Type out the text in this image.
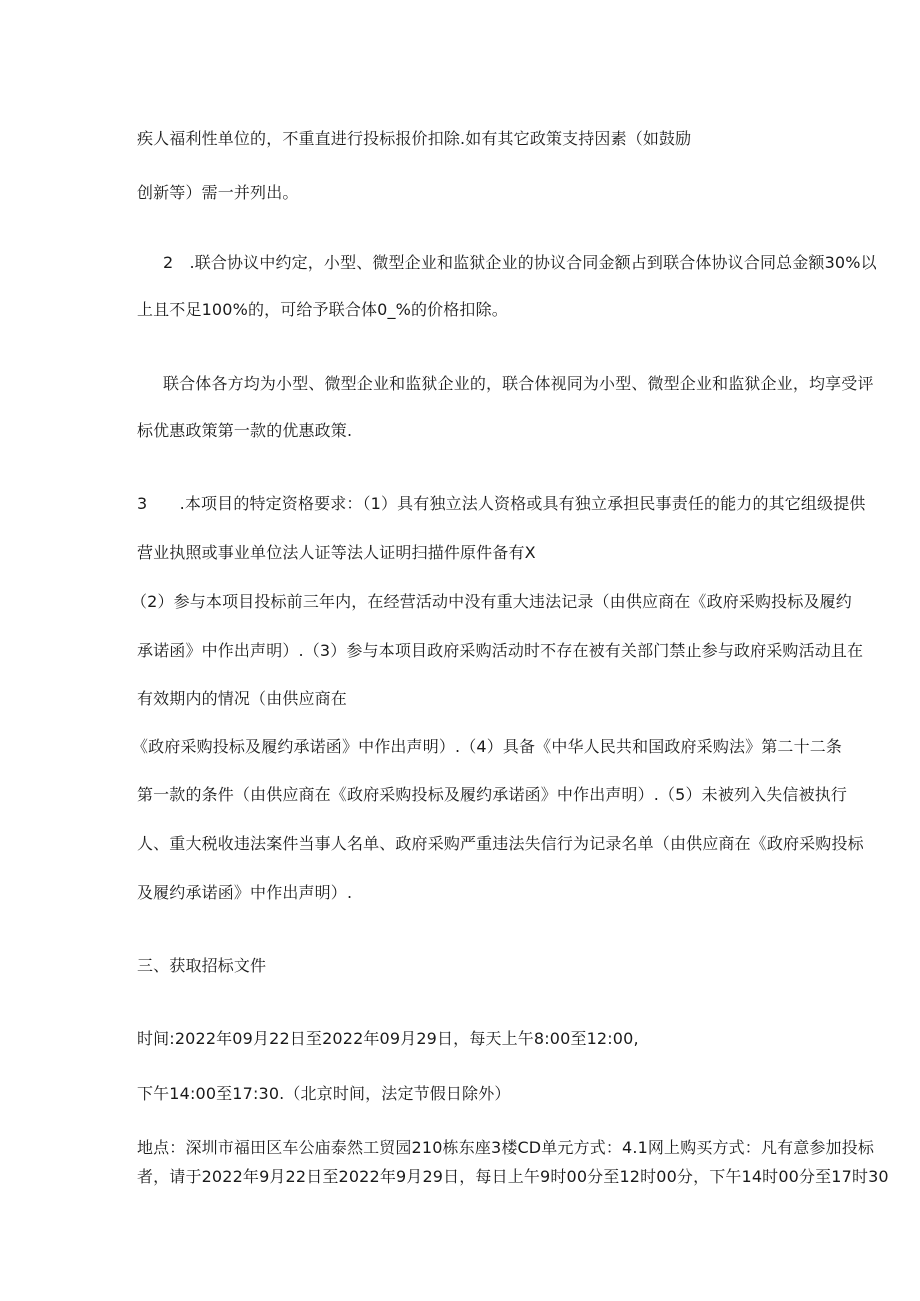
疾人福利性单位的，不重直进行投标报价扣除.如有其它政策支持因素（如鼓励
创新等）需一并列出。
2　.联合协议中约定，小型、微型企业和监狱企业的协议合同金额占到联合体协议合同总金额30%以
上且不足100%的，可给予联合体0_%的价格扣除。
联合体各方均为小型、微型企业和监狱企业的，联合体视同为小型、微型企业和监狱企业，均享受评
标优惠政策第一款的优惠政策.
3　　.本项目的特定资格要求：（1）具有独立法人资格或具有独立承担民事责任的能力的其它组级提供
营业执照或事业单位法人证等法人证明扫描件原件备有X
（2）参与本项目投标前三年内，在经营活动中没有重大违法记录（由供应商在《政府采购投标及履约
承诺函》中作出声明）.（3）参与本项目政府采购活动时不存在被有关部门禁止参与政府采购活动且在
有效期内的情况（由供应商在
《政府采购投标及履约承诺函》中作出声明）.（4）具备《中华人民共和国政府采购法》第二十二条
第一款的条件（由供应商在《政府采购投标及履约承诺函》中作出声明）.（5）未被列入失信被执行
人、重大税收违法案件当事人名单、政府采购严重违法失信行为记录名单（由供应商在《政府采购投标
及履约承诺函》中作出声明）.
三、获取招标文件
时间:2022年09月22日至2022年09月29日，每天上午8:00至12:00,
下午14:00至17:30.（北京时间，法定节假日除外）
地点：深圳市福田区车公庙泰然工贸园210栋东座3楼CD单元方式：4.1网上购买方式：凡有意参加投标
者，请于2022年9月22日至2022年9月29日，每日上午9时00分至12时00分，下午14时00分至17时30
